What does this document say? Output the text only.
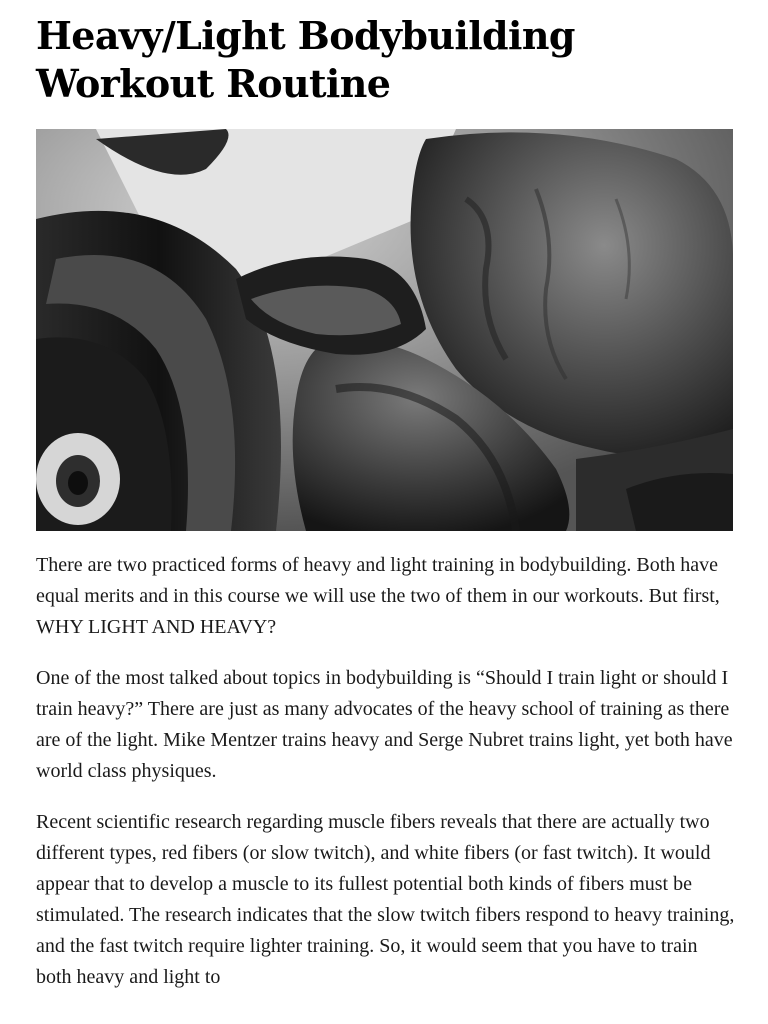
Heavy/Light Bodybuilding
Workout Routine

There are two practiced forms of heavy and light training in bodybuilding. Both have equal merits and in this course we will use the two of them in our workouts. But first, WHY LIGHT AND HEAVY?

One of the most talked about topics in bodybuilding is “Should I train light or should I train heavy?” There are just as many advocates of the heavy school of training as there are of the light. Mike Mentzer trains heavy and Serge Nubret trains light, yet both have world class physiques.

Recent scientific research regarding muscle fibers reveals that there are actually two different types, red fibers (or slow twitch), and white fibers (or fast twitch). It would appear that to develop a muscle to its fullest potential both kinds of fibers must be stimulated. The research indicates that the slow twitch fibers respond to heavy training, and the fast twitch require lighter training. So, it would seem that you have to train both heavy and light to
